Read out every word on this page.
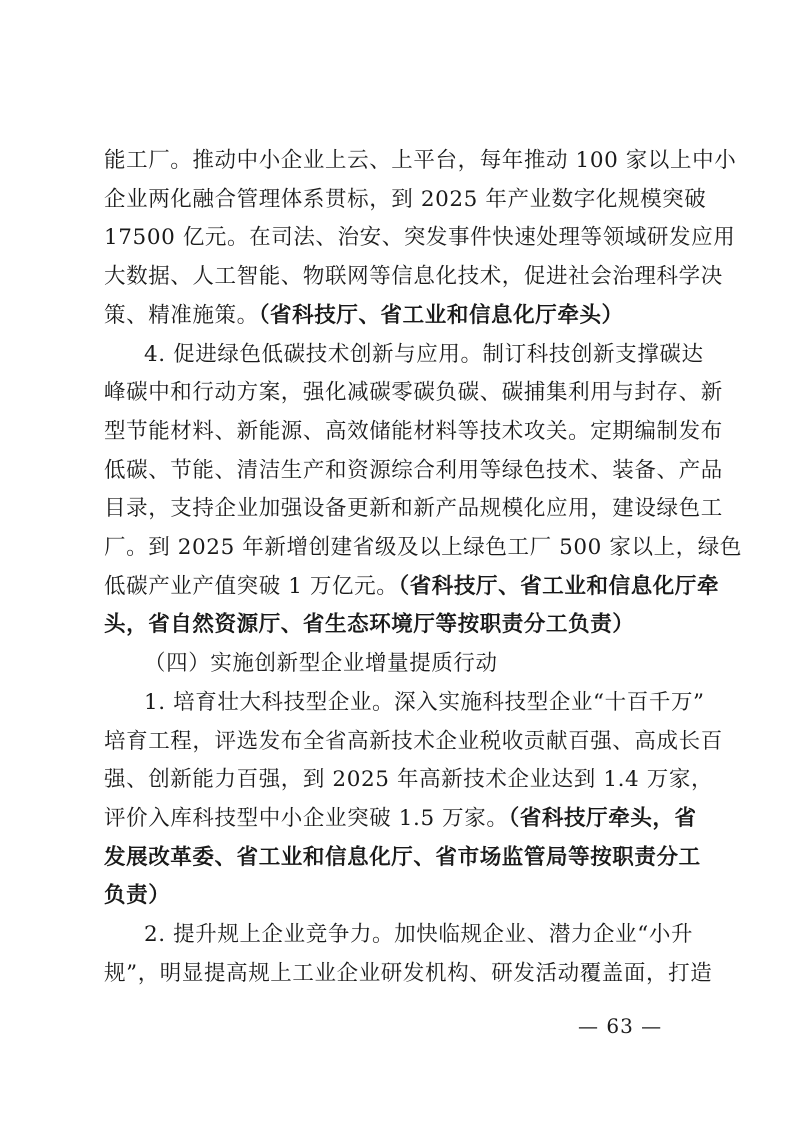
能工厂。推动中小企业上云、上平台，每年推动 100 家以上中小
企业两化融合管理体系贯标，到 2025 年产业数字化规模突破
17500 亿元。在司法、治安、突发事件快速处理等领域研发应用
大数据、人工智能、物联网等信息化技术，促进社会治理科学决
策、精准施策。（省科技厅、省工业和信息化厅牵头）
4. 促进绿色低碳技术创新与应用。制订科技创新支撑碳达
峰碳中和行动方案，强化减碳零碳负碳、碳捕集利用与封存、新
型节能材料、新能源、高效储能材料等技术攻关。定期编制发布
低碳、节能、清洁生产和资源综合利用等绿色技术、装备、产品
目录，支持企业加强设备更新和新产品规模化应用，建设绿色工
厂。到 2025 年新增创建省级及以上绿色工厂 500 家以上，绿色
低碳产业产值突破 1 万亿元。（省科技厅、省工业和信息化厅牵
头，省自然资源厅、省生态环境厅等按职责分工负责）
（四）实施创新型企业增量提质行动
1. 培育壮大科技型企业。深入实施科技型企业“十百千万”
培育工程，评选发布全省高新技术企业税收贡献百强、高成长百
强、创新能力百强，到 2025 年高新技术企业达到 1.4 万家，
评价入库科技型中小企业突破 1.5 万家。（省科技厅牵头，省
发展改革委、省工业和信息化厅、省市场监管局等按职责分工
负责）
2. 提升规上企业竞争力。加快临规企业、潜力企业“小升
规”，明显提高规上工业企业研发机构、研发活动覆盖面，打造
— 63 —
